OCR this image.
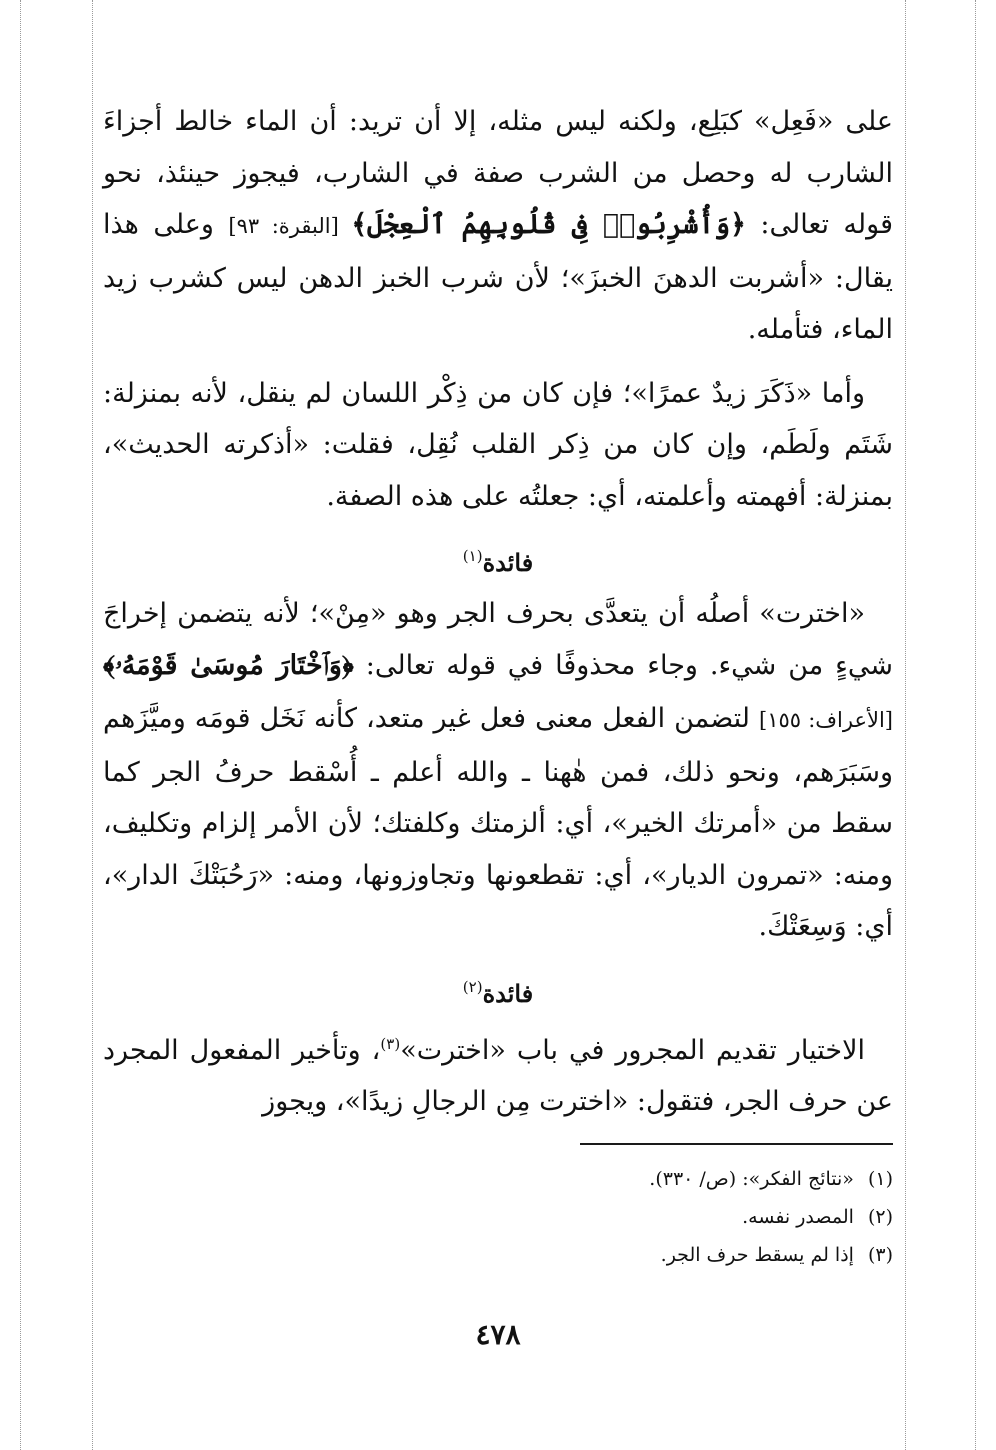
على «فَعِل» كبَلِع، ولكنه ليس مثله، إلا أن تريد: أن الماء خالط أجزاءَ الشارب له وحصل من الشرب صفة في الشارب، فيجوز حينئذ، نحو قوله تعالى: ﴿وَأُشْرِبُوا۟ فِى قُلُوبِهِمُ ٱلْعِجْلَ﴾ [البقرة: ٩٣] وعلى هذا يقال: «أشربت الدهنَ الخبزَ»؛ لأن شرب الخبز الدهن ليس كشرب زيد الماء، فتأمله.

وأما «ذَكَرَ زيدٌ عمرًا»؛ فإن كان من ذِكْر اللسان لم ينقل، لأنه بمنزلة: شَتَم ولَطَم، وإن كان من ذِكر القلب نُقِل، فقلت: «أذكرته الحديث»، بمنزلة: أفهمته وأعلمته، أي: جعلتُه على هذه الصفة.

فائدة$^{(١)}$

«اخترت» أصلُه أن يتعدَّى بحرف الجر وهو «مِنْ»؛ لأنه يتضمن إخراجَ شيءٍ من شيء. وجاء محذوفًا في قوله تعالى: ﴿وَٱخْتَارَ مُوسَىٰ قَوْمَهُۥ﴾ [الأعراف: ١٥٥] لتضمن الفعل معنى فعل غير متعد، كأنه نَخَل قومَه وميَّزَهم وسَبَرَهم، ونحو ذلك، فمن هٰهنا ـ والله أعلم ـ أُسْقط حرفُ الجر كما سقط من «أمرتك الخير»، أي: ألزمتك وكلفتك؛ لأن الأمر إلزام وتكليف، ومنه: «تمرون الديار»، أي: تقطعونها وتجاوزونها، ومنه: «رَحُبَتْكَ الدار»، أي: وَسِعَتْكَ.

فائدة$^{(٢)}$

الاختيار تقديم المجرور في باب «اخترت»$^{(٣)}$، وتأخير المفعول المجرد عن حرف الجر، فتقول: «اخترت مِن الرجالِ زيدًا»، ويجوز

(١)«نتائج الفكر»: (ص/ ٣٣٠).

(٢)المصدر نفسه.

(٣)إذا لم يسقط حرف الجر.

٤٧٨
